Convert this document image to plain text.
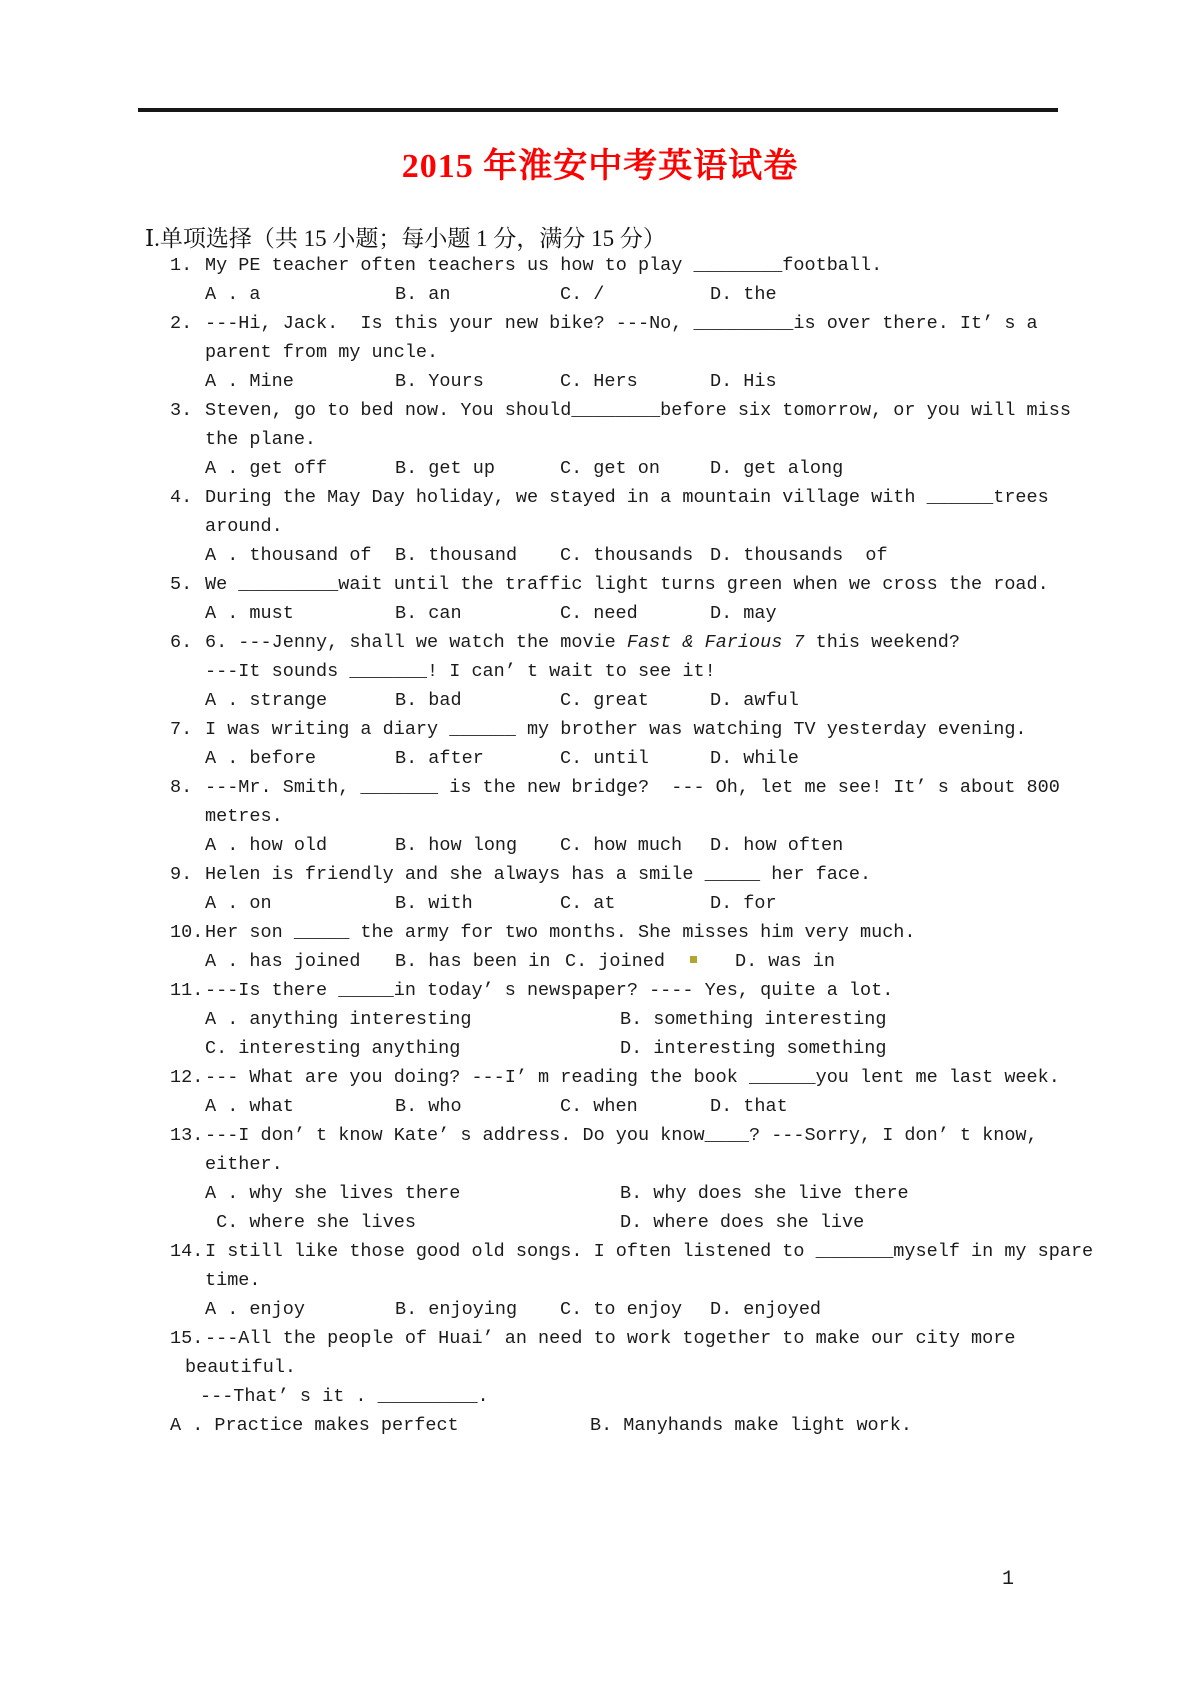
2015 年淮安中考英语试卷
Ⅰ.单项选择（共 15 小题；每小题 1 分，满分 15 分）
1. My PE teacher often teachers us how to play ________football.
A . a	B. an	C. /	D. the
2. ---Hi, Jack.  Is this your new bike? ---No, _________is over there. It’ s a
parent from my uncle.
A . Mine	B. Yours	C. Hers	D. His
3. Steven, go to bed now. You should________before six tomorrow, or you will miss
the plane.
A . get off	B. get up	C. get on	D. get along
4. During the May Day holiday, we stayed in a mountain village with ______trees
around.
A . thousand of	B. thousand	C. thousands D. thousands  of
5. We _________wait until the traffic light turns green when we cross the road.
A . must	B. can	C. need	D. may
6. 6. ---Jenny, shall we watch the movie Fast & Farious 7 this weekend?
---It sounds _______! I can’ t wait to see it!
A . strange	B. bad	C. great	D. awful
7. I was writing a diary ______ my brother was watching TV yesterday evening.
A . before	B. after	C. until	D. while
8. ---Mr. Smith, _______ is the new bridge?  --- Oh, let me see! It’ s about 800
metres.
A . how old	B. how long	C. how much	D. how often
9. Helen is friendly and she always has a smile _____ her face.
A . on	B. with	C. at	D. for
10. Her son _____ the army for two months. She misses him very much.
A . has joined	B. has been in C. joined	D. was in
11. ---Is there _____in today’ s newspaper? ---- Yes, quite a lot.
A . anything interesting	B. something interesting
C. interesting anything	D. interesting something
12. --- What are you doing? ---I’ m reading the book ______you lent me last week.
A . what	B. who	C. when	D. that
13. ---I don’ t know Kate’ s address. Do you know____? ---Sorry, I don’ t know,
either.
A . why she lives there	B. why does she live there
C. where she lives	D. where does she live
14. I still like those good old songs. I often listened to _______myself in my spare
time.
A . enjoy	B. enjoying	C. to enjoy	D. enjoyed
15. ---All the people of Huai’ an need to work together to make our city more
beautiful.
---That’ s it . _________.
A . Practice makes perfect	B. Manyhands make light work.
1
